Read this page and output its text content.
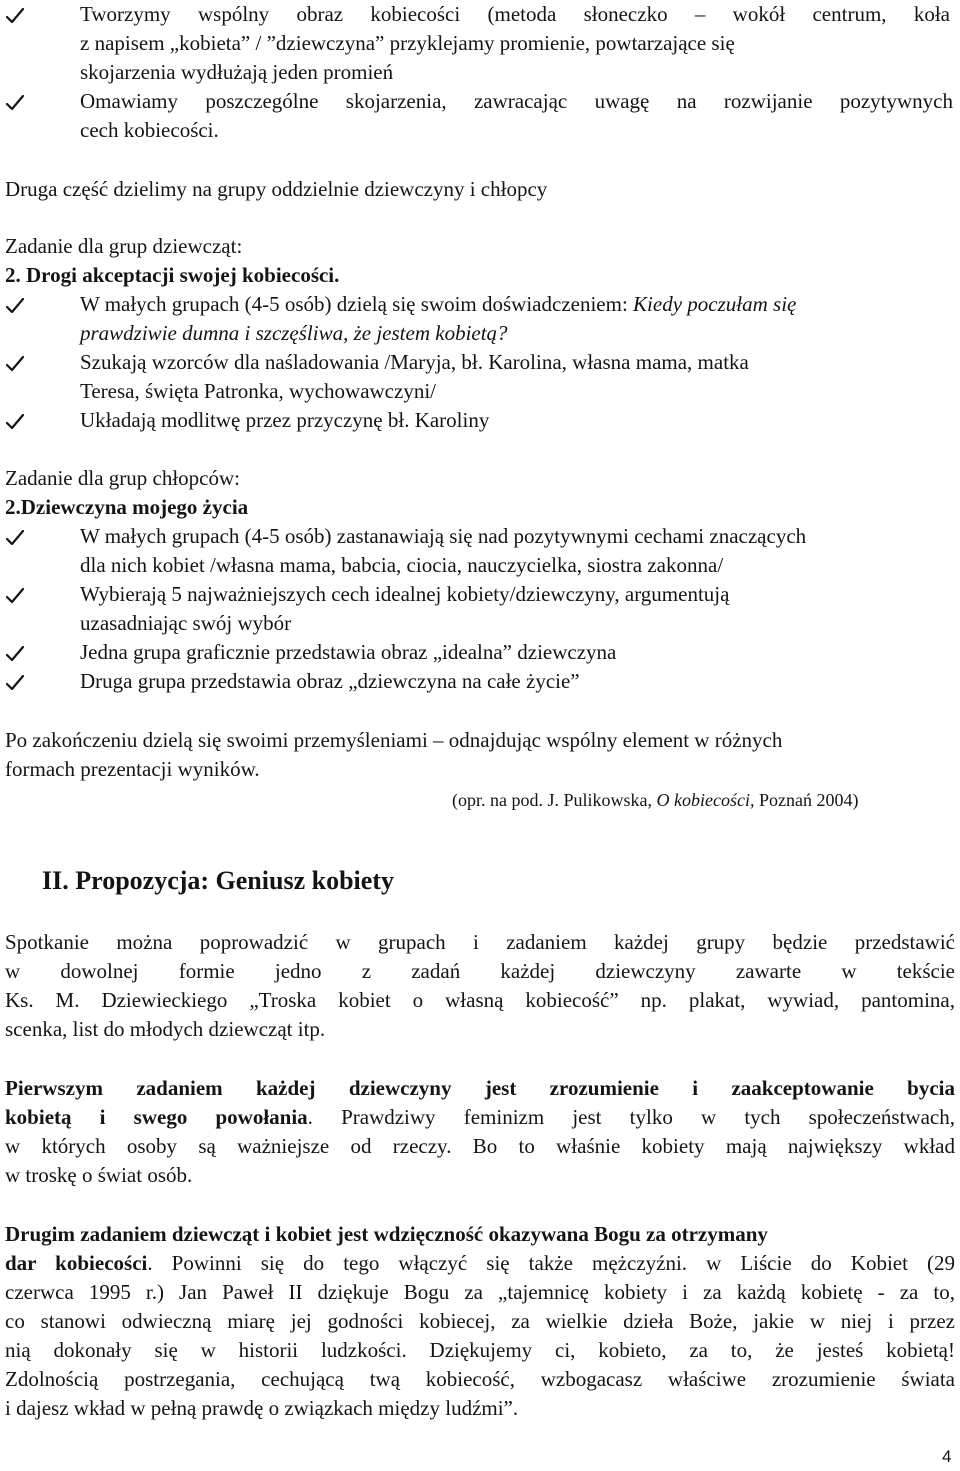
Tworzymy wspólny obraz kobiecości (metoda słoneczko – wokół centrum, koła
z napisem „kobieta” / ”dziewczyna” przyklejamy promienie, powtarzające się
skojarzenia wydłużają jeden promień
Omawiamy poszczególne skojarzenia, zawracając uwagę na rozwijanie pozytywnych
cech kobiecości.
Druga część dzielimy na grupy oddzielnie dziewczyny i chłopcy
Zadanie dla grup dziewcząt:
2. Drogi akceptacji swojej kobiecości.
W małych grupach (4-5 osób) dzielą się swoim doświadczeniem: Kiedy poczułam się
prawdziwie dumna i szczęśliwa, że jestem kobietą?
Szukają wzorców dla naśladowania /Maryja, bł. Karolina, własna mama, matka
Teresa, święta Patronka, wychowawczyni/
Układają modlitwę przez przyczynę bł. Karoliny
Zadanie dla grup chłopców:
2.Dziewczyna mojego życia
W małych grupach (4-5 osób) zastanawiają się nad pozytywnymi cechami znaczących
dla nich kobiet /własna mama, babcia, ciocia, nauczycielka, siostra zakonna/
Wybierają 5 najważniejszych cech idealnej kobiety/dziewczyny, argumentują
uzasadniając swój wybór
Jedna grupa graficznie przedstawia obraz „idealna” dziewczyna
Druga grupa przedstawia obraz „dziewczyna na całe życie”
Po zakończeniu dzielą się swoimi przemyśleniami – odnajdując wspólny element w różnych
formach prezentacji wyników.
(opr. na pod. J. Pulikowska, O kobiecości, Poznań 2004)
II. Propozycja: Geniusz kobiety
Spotkanie można poprowadzić w grupach i zadaniem każdej grupy będzie przedstawić
w dowolnej formie jedno z zadań każdej dziewczyny zawarte w tekście
Ks. M. Dziewieckiego „Troska kobiet o własną kobiecość” np. plakat, wywiad, pantomina,
scenka, list do młodych dziewcząt itp.
Pierwszym zadaniem każdej dziewczyny jest zrozumienie i zaakceptowanie bycia
kobietą i swego powołania. Prawdziwy feminizm jest tylko w tych społeczeństwach,
w których osoby są ważniejsze od rzeczy. Bo to właśnie kobiety mają największy wkład
w troskę o świat osób.
Drugim zadaniem dziewcząt i kobiet jest wdzięczność okazywana Bogu za otrzymany
dar kobiecości. Powinni się do tego włączyć się także mężczyźni. w Liście do Kobiet (29
czerwca 1995 r.) Jan Paweł II dziękuje Bogu za „tajemnicę kobiety i za każdą kobietę - za to,
co stanowi odwieczną miarę jej godności kobiecej, za wielkie dzieła Boże, jakie w niej i przez
nią dokonały się w historii ludzkości. Dziękujemy ci, kobieto, za to, że jesteś kobietą!
Zdolnością postrzegania, cechującą twą kobiecość, wzbogacasz właściwe zrozumienie świata
i dajesz wkład w pełną prawdę o związkach między ludźmi”.
4
